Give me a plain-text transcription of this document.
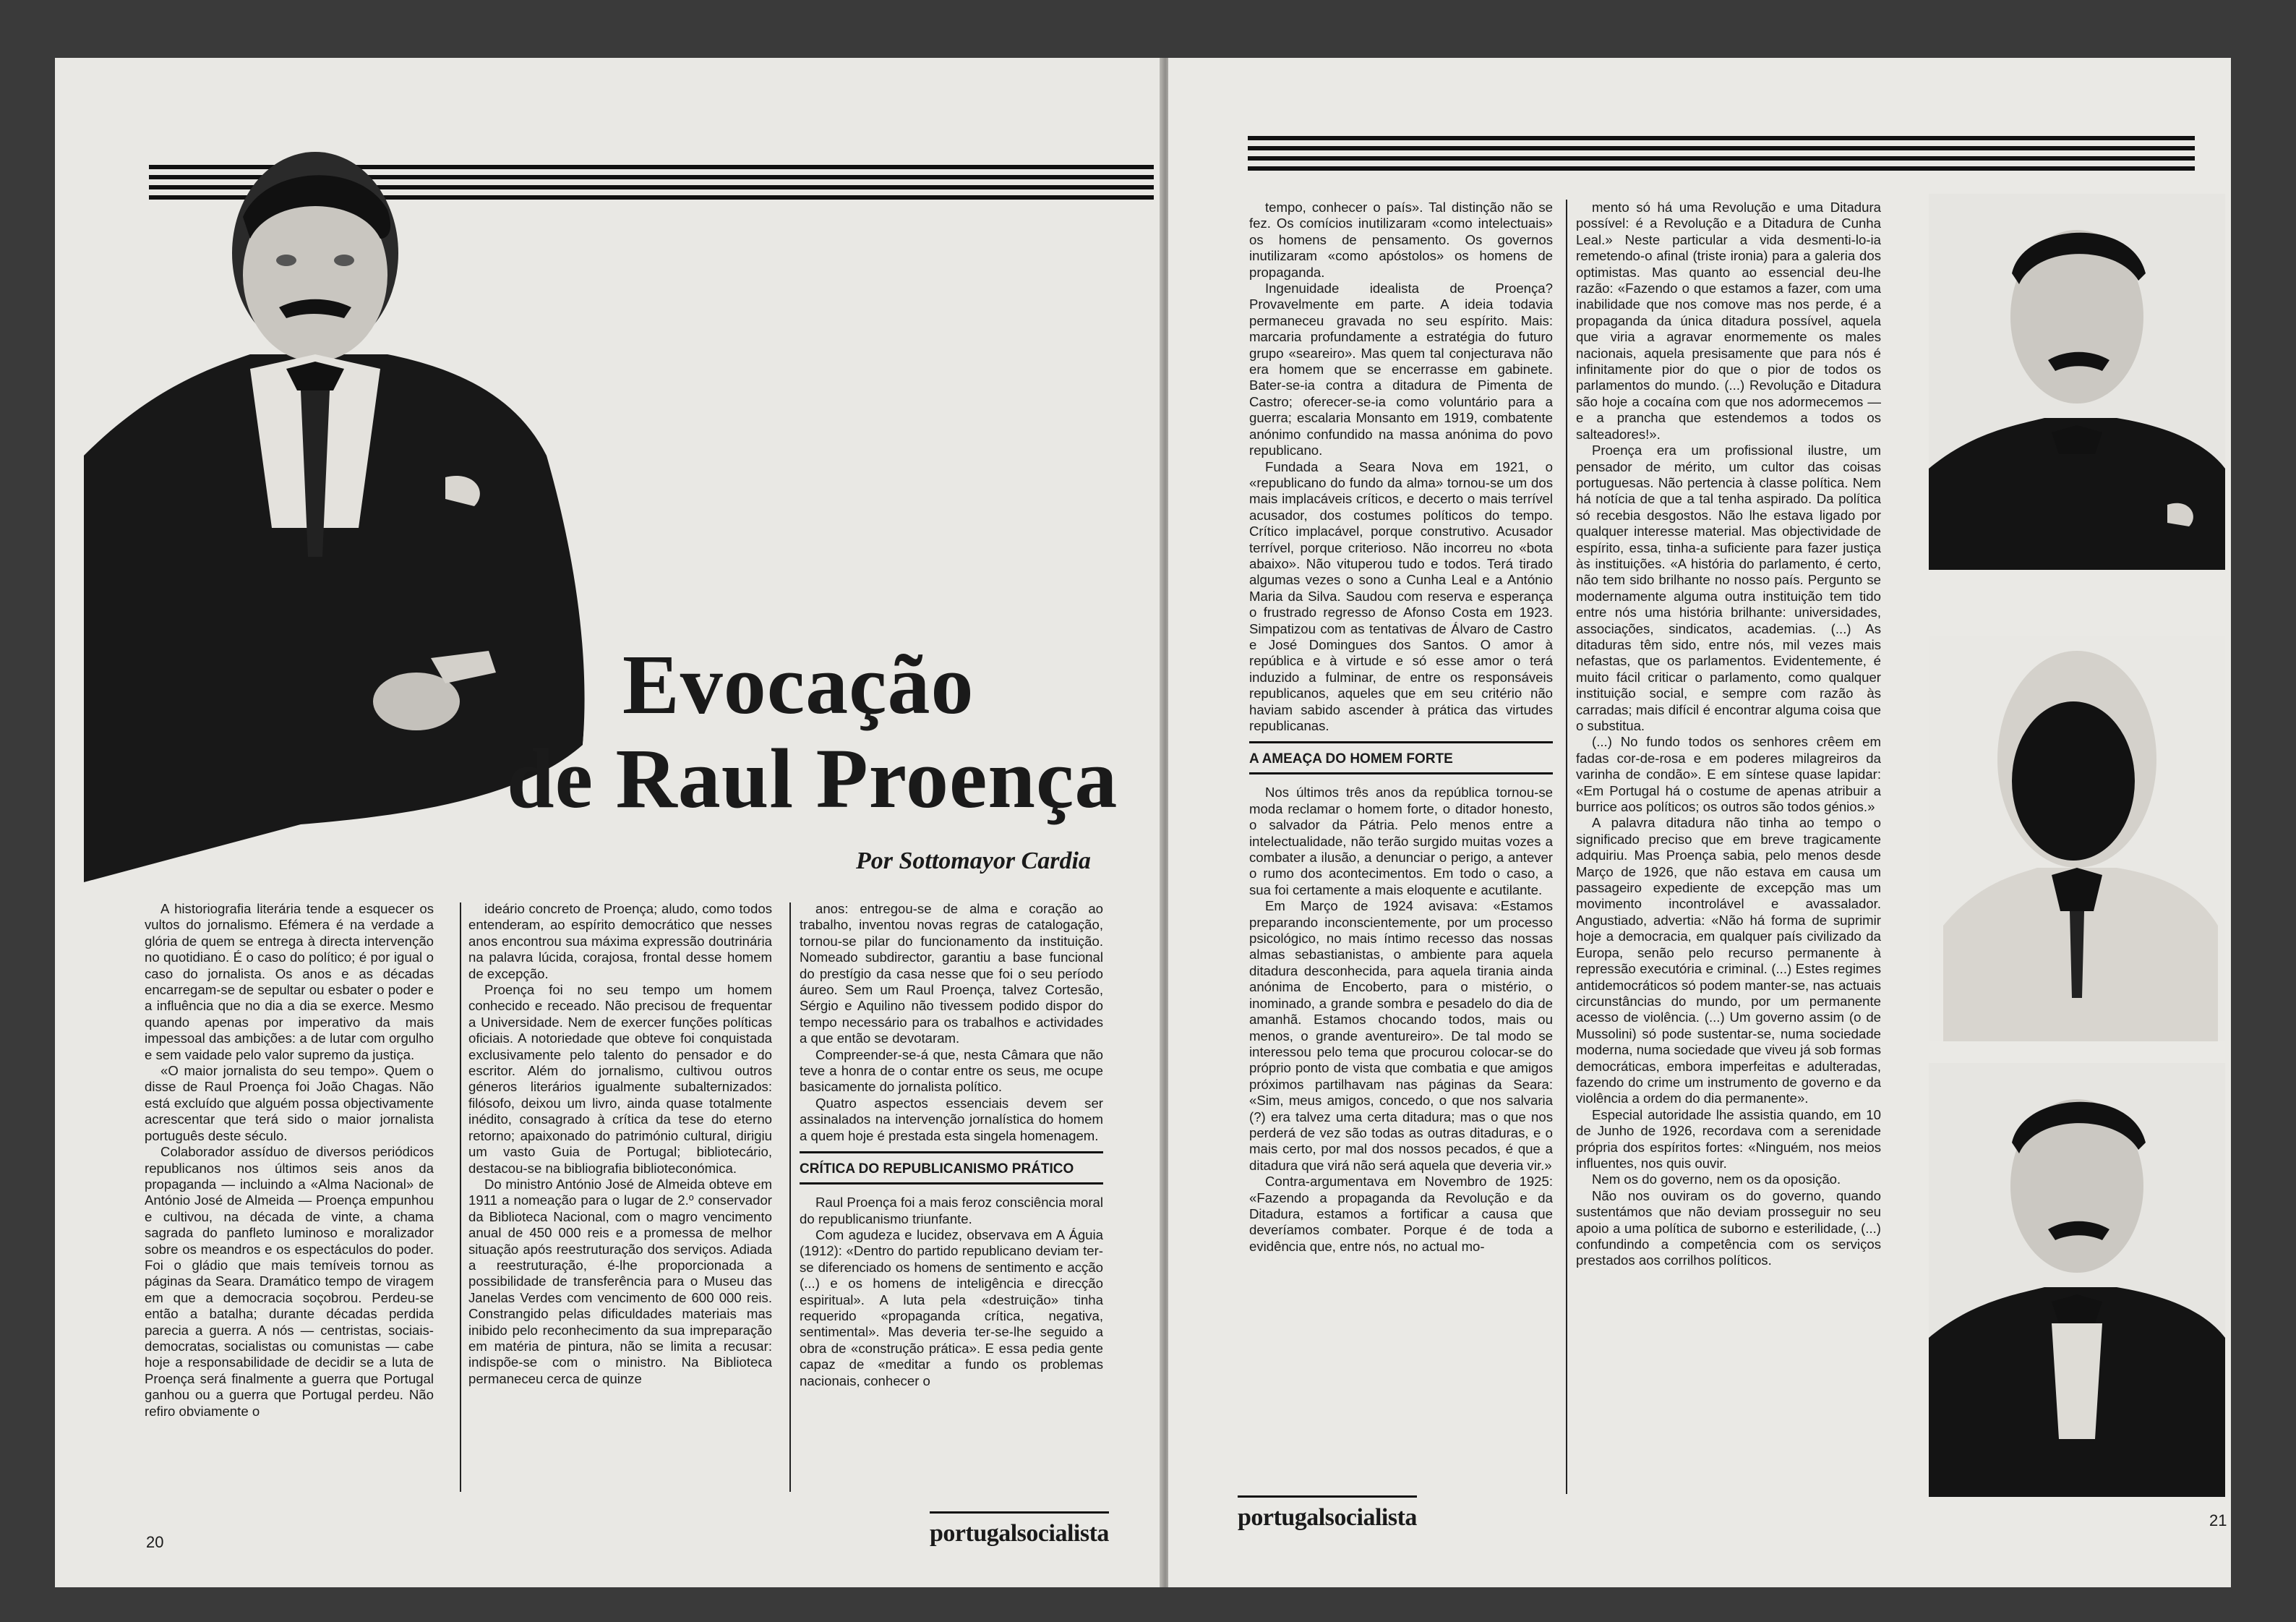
Evocação
de Raul Proença
Por Sottomayor Cardia

A historiografia literária tende a esquecer os vultos do jornalismo. Efémera é na verdade a glória de quem se entrega à directa intervenção no quotidiano. É o caso do político; é por igual o caso do jornalista. Os anos e as décadas encarregam-se de sepultar ou esbater o poder e a influência que no dia a dia se exerce. Mesmo quando apenas por imperativo da mais impessoal das ambições: a de lutar com orgulho e sem vaidade pelo valor supremo da justiça.

«O maior jornalista do seu tempo». Quem o disse de Raul Proença foi João Chagas. Não está excluído que alguém possa objectivamente acrescentar que terá sido o maior jornalista português deste século.

Colaborador assíduo de diversos periódicos republicanos nos últimos seis anos da propaganda — incluindo a «Alma Nacional» de António José de Almeida — Proença empunhou e cultivou, na década de vinte, a chama sagrada do panfleto luminoso e moralizador sobre os meandros e os espectáculos do poder. Foi o gládio que mais temíveis tornou as páginas da Seara. Dramático tempo de viragem em que a democracia soçobrou. Perdeu-se então a batalha; durante décadas perdida parecia a guerra. A nós — centristas, sociais-democratas, socialistas ou comunistas — cabe hoje a responsabilidade de decidir se a luta de Proença será finalmente a guerra que Portugal ganhou ou a guerra que Portugal perdeu. Não refiro obviamente o

ideário concreto de Proença; aludo, como todos entenderam, ao espírito democrático que nesses anos encontrou sua máxima expressão doutrinária na palavra lúcida, corajosa, frontal desse homem de excepção.

Proença foi no seu tempo um homem conhecido e receado. Não precisou de frequentar a Universidade. Nem de exercer funções políticas oficiais. A notoriedade que obteve foi conquistada exclusivamente pelo talento do pensador e do escritor. Além do jornalismo, cultivou outros géneros literários igualmente subalternizados: filósofo, deixou um livro, ainda quase totalmente inédito, consagrado à crítica da tese do eterno retorno; apaixonado do património cultural, dirigiu um vasto Guia de Portugal; bibliotecário, destacou-se na bibliografia biblioteconómica.

Do ministro António José de Almeida obteve em 1911 a nomeação para o lugar de 2.º conservador da Biblioteca Nacional, com o magro vencimento anual de 450 000 reis e a promessa de melhor situação após reestruturação dos serviços. Adiada a reestruturação, é-lhe proporcionada a possibilidade de transferência para o Museu das Janelas Verdes com vencimento de 600 000 reis. Constrangido pelas dificuldades materiais mas inibido pelo reconhecimento da sua impreparação em matéria de pintura, não se limita a recusar: indispõe-se com o ministro. Na Biblioteca permaneceu cerca de quinze

anos: entregou-se de alma e coração ao trabalho, inventou novas regras de catalogação, tornou-se pilar do funcionamento da instituição. Nomeado subdirector, garantiu a base funcional do prestígio da casa nesse que foi o seu período áureo. Sem um Raul Proença, talvez Cortesão, Sérgio e Aquilino não tivessem podido dispor do tempo necessário para os trabalhos e actividades a que então se devotaram.

Compreender-se-á que, nesta Câmara que não teve a honra de o contar entre os seus, me ocupe basicamente do jornalista político.

Quatro aspectos essenciais devem ser assinalados na intervenção jornalística do homem a quem hoje é prestada esta singela homenagem.

CRÍTICA DO REPUBLICANISMO PRÁTICO

Raul Proença foi a mais feroz consciência moral do republicanismo triunfante.

Com agudeza e lucidez, observava em A Águia (1912): «Dentro do partido republicano deviam ter-se diferenciado os homens de sentimento e acção (...) e os homens de inteligência e direcção espiritual». A luta pela «destruição» tinha requerido «propaganda crítica, negativa, sentimental». Mas deveria ter-se-lhe seguido a obra de «construção prática». E essa pedia gente capaz de «meditar a fundo os problemas nacionais, conhecer o

20	portugalsocialista

tempo, conhecer o país». Tal distinção não se fez. Os comícios inutilizaram «como intelectuais» os homens de pensamento. Os governos inutilizaram «como apóstolos» os homens de propaganda.

Ingenuidade idealista de Proença? Provavelmente em parte. A ideia todavia permaneceu gravada no seu espírito. Mais: marcaria profundamente a estratégia do futuro grupo «seareiro». Mas quem tal conjecturava não era homem que se encerrasse em gabinete. Bater-se-ia contra a ditadura de Pimenta de Castro; oferecer-se-ia como voluntário para a guerra; escalaria Monsanto em 1919, combatente anónimo confundido na massa anónima do povo republicano.

Fundada a Seara Nova em 1921, o «republicano do fundo da alma» tornou-se um dos mais implacáveis críticos, e decerto o mais terrível acusador, dos costumes políticos do tempo. Crítico implacável, porque construtivo. Acusador terrível, porque criterioso. Não incorreu no «bota abaixo». Não vituperou tudo e todos. Terá tirado algumas vezes o sono a Cunha Leal e a António Maria da Silva. Saudou com reserva e esperança o frustrado regresso de Afonso Costa em 1923. Simpatizou com as tentativas de Álvaro de Castro e José Domingues dos Santos. O amor à república e à virtude e só esse amor o terá induzido a fulminar, de entre os responsáveis republicanos, aqueles que em seu critério não haviam sabido ascender à prática das virtudes republicanas.

A AMEAÇA DO HOMEM FORTE

Nos últimos três anos da república tornou-se moda reclamar o homem forte, o ditador honesto, o salvador da Pátria. Pelo menos entre a intelectualidade, não terão surgido muitas vozes a combater a ilusão, a denunciar o perigo, a antever o rumo dos acontecimentos. Em todo o caso, a sua foi certamente a mais eloquente e acutilante.

Em Março de 1924 avisava: «Estamos preparando inconscientemente, por um processo psicológico, no mais íntimo recesso das nossas almas sebastianistas, o ambiente para aquela ditadura desconhecida, para aquela tirania ainda anónima de Encoberto, para o mistério, o inominado, a grande sombra e pesadelo do dia de amanhã. Estamos chocando todos, mais ou menos, o grande aventureiro». De tal modo se interessou pelo tema que procurou colocar-se do próprio ponto de vista que combatia e que amigos próximos partilhavam nas páginas da Seara: «Sim, meus amigos, concedo, o que nos salvaria (?) era talvez uma certa ditadura; mas o que nos perderá de vez são todas as outras ditaduras, e o mais certo, por mal dos nossos pecados, é que a ditadura que virá não será aquela que deveria vir.»

Contra-argumentava em Novembro de 1925: «Fazendo a propaganda da Revolução e da Ditadura, estamos a fortificar a causa que deveríamos combater. Porque é de toda a evidência que, entre nós, no actual mo-

mento só há uma Revolução e uma Ditadura possível: é a Revolução e a Ditadura de Cunha Leal.» Neste particular a vida desmenti-lo-ia remetendo-o afinal (triste ironia) para a galeria dos optimistas. Mas quanto ao essencial deu-lhe razão: «Fazendo o que estamos a fazer, com uma inabilidade que nos comove mas nos perde, é a propaganda da única ditadura possível, aquela que viria a agravar enormemente os males nacionais, aquela presisamente que para nós é infinitamente pior do que o pior de todos os parlamentos do mundo. (...) Revolução e Ditadura são hoje a cocaína com que nos adormecemos — e a prancha que estendemos a todos os salteadores!».

Proença era um profissional ilustre, um pensador de mérito, um cultor das coisas portuguesas. Não pertencia à classe política. Nem há notícia de que a tal tenha aspirado. Da política só recebia desgostos. Não lhe estava ligado por qualquer interesse material. Mas objectividade de espírito, essa, tinha-a suficiente para fazer justiça às instituições. «A história do parlamento, é certo, não tem sido brilhante no nosso país. Pergunto se modernamente alguma outra instituição tem tido entre nós uma história brilhante: universidades, associações, sindicatos, academias. (...) As ditaduras têm sido, entre nós, mil vezes mais nefastas, que os parlamentos. Evidentemente, é muito fácil criticar o parlamento, como qualquer instituição social, e sempre com razão às carradas; mais difícil é encontrar alguma coisa que o substitua.

(...) No fundo todos os senhores crêem em fadas cor-de-rosa e em poderes milagreiros da varinha de condão». E em síntese quase lapidar: «Em Portugal há o costume de apenas atribuir a burrice aos políticos; os outros são todos génios.»

A palavra ditadura não tinha ao tempo o significado preciso que em breve tragicamente adquiriu. Mas Proença sabia, pelo menos desde Março de 1926, que não estava em causa um passageiro expediente de excepção mas um movimento incontrolável e avassalador. Angustiado, advertia: «Não há forma de suprimir hoje a democracia, em qualquer país civilizado da Europa, senão pelo recurso permanente à repressão executória e criminal. (...) Estes regimes antidemocráticos só podem manter-se, nas actuais circunstâncias do mundo, por um permanente acesso de violência. (...) Um governo assim (o de Mussolini) só pode sustentar-se, numa sociedade moderna, numa sociedade que viveu já sob formas democráticas, embora imperfeitas e adulteradas, fazendo do crime um instrumento de governo e da violência a ordem do dia permanente».

Especial autoridade lhe assistia quando, em 10 de Junho de 1926, recordava com a serenidade própria dos espíritos fortes: «Ninguém, nos meios influentes, nos quis ouvir.

Nem os do governo, nem os da oposição.

Não nos ouviram os do governo, quando sustentámos que não deviam prosseguir no seu apoio a uma política de suborno e esterilidade, (...) confundindo a competência com os serviços prestados aos corrilhos políticos.

portugalsocialista	21
